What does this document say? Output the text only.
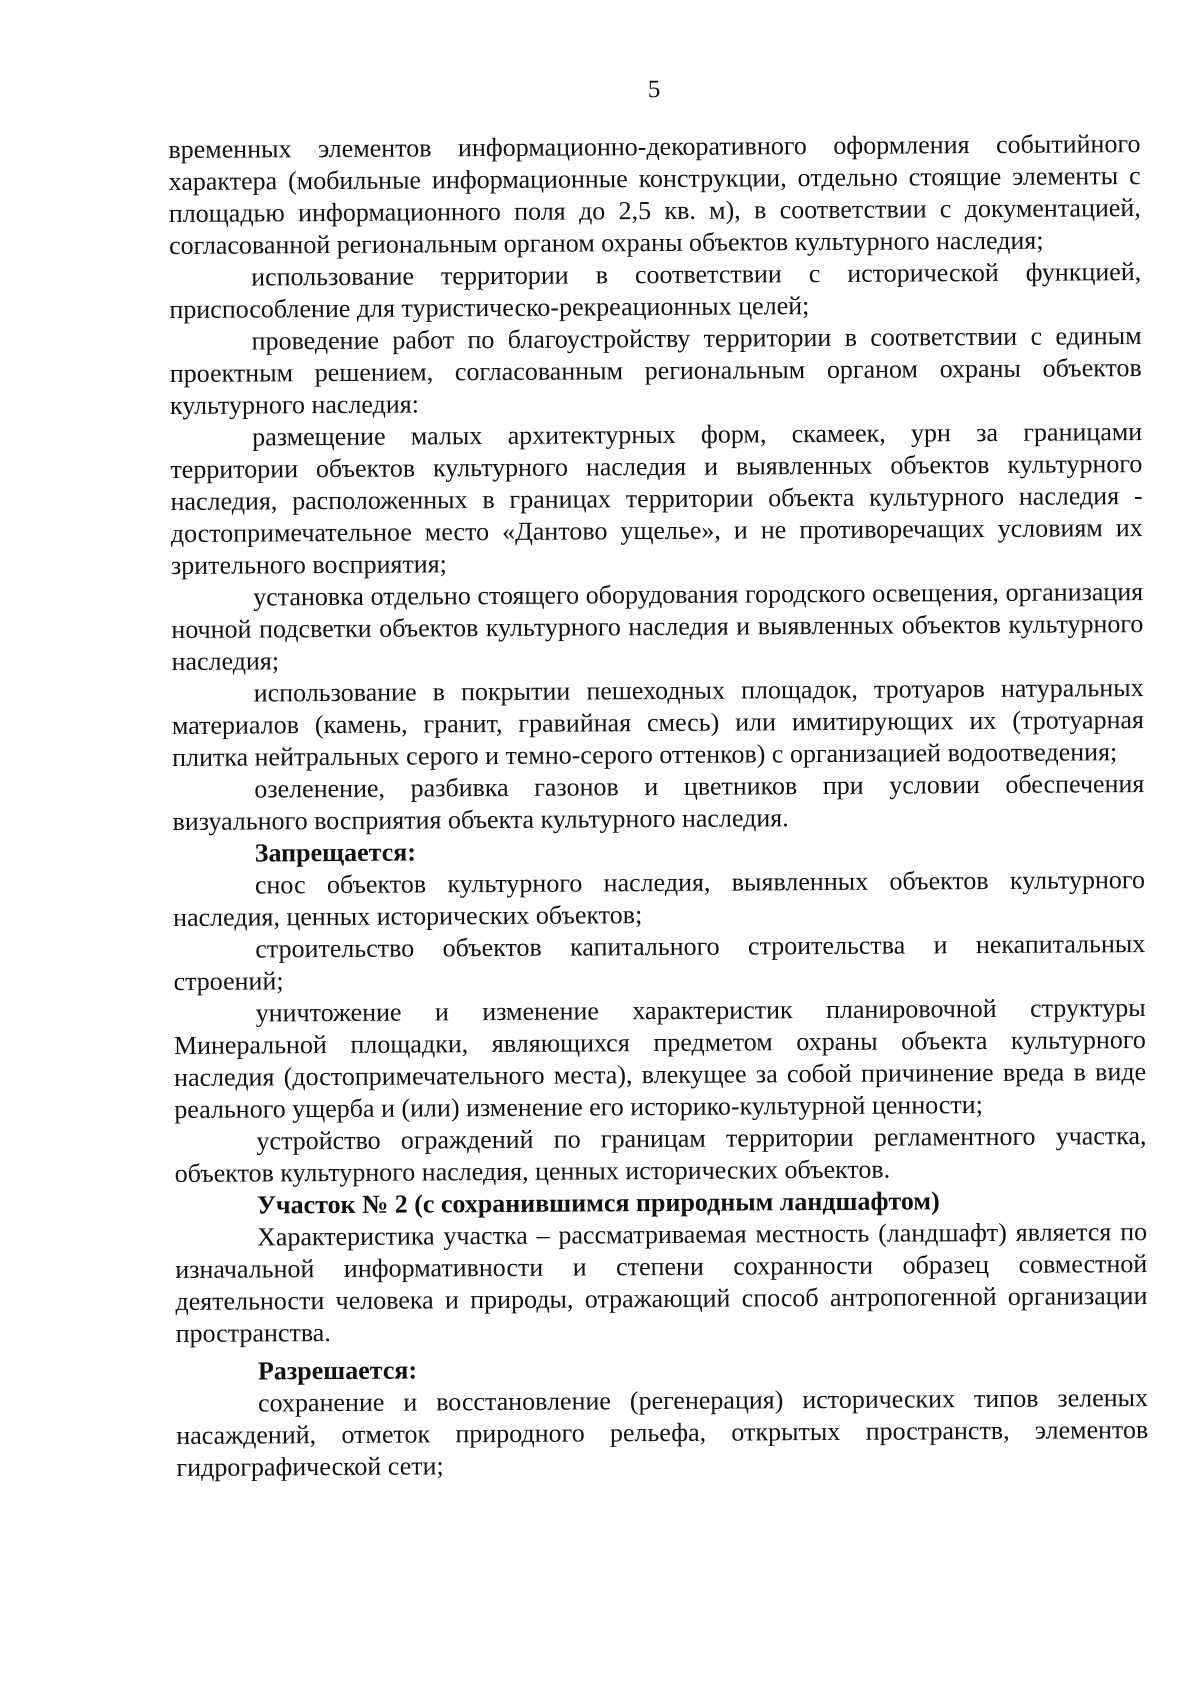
5

временных элементов информационно-декоративного оформления событийного характера (мобильные информационные конструкции, отдельно стоящие элементы с площадью информационного поля до 2,5 кв. м), в соответствии с документацией, согласованной региональным органом охраны объектов культурного наследия;

использование территории в соответствии с исторической функцией, приспособление для туристическо-рекреационных целей;

проведение работ по благоустройству территории в соответствии с единым проектным решением, согласованным региональным органом охраны объектов культурного наследия:

размещение малых архитектурных форм, скамеек, урн за границами территории объектов культурного наследия и выявленных объектов культурного наследия, расположенных в границах территории объекта культурного наследия - достопримечательное место «Дантово ущелье», и не противоречащих условиям их зрительного восприятия;

установка отдельно стоящего оборудования городского освещения, организация ночной подсветки объектов культурного наследия и выявленных объектов культурного наследия;

использование в покрытии пешеходных площадок, тротуаров натуральных материалов (камень, гранит, гравийная смесь) или имитирующих их (тротуарная плитка нейтральных серого и темно-серого оттенков) с организацией водоотведения;

озеленение, разбивка газонов и цветников при условии обеспечения визуального восприятия объекта культурного наследия.

Запрещается:

снос объектов культурного наследия, выявленных объектов культурного наследия, ценных исторических объектов;

строительство объектов капитального строительства и некапитальных строений;

уничтожение и изменение характеристик планировочной структуры Минеральной площадки, являющихся предметом охраны объекта культурного наследия (достопримечательного места), влекущее за собой причинение вреда в виде реального ущерба и (или) изменение его историко-культурной ценности;

устройство ограждений по границам территории регламентного участка, объектов культурного наследия, ценных исторических объектов.

Участок № 2 (с сохранившимся природным ландшафтом)

Характеристика участка – рассматриваемая местность (ландшафт) является по изначальной информативности и степени сохранности образец совместной деятельности человека и природы, отражающий способ антропогенной организации пространства.

Разрешается:

сохранение и восстановление (регенерация) исторических типов зеленых насаждений, отметок природного рельефа, открытых пространств, элементов гидрографической сети;
